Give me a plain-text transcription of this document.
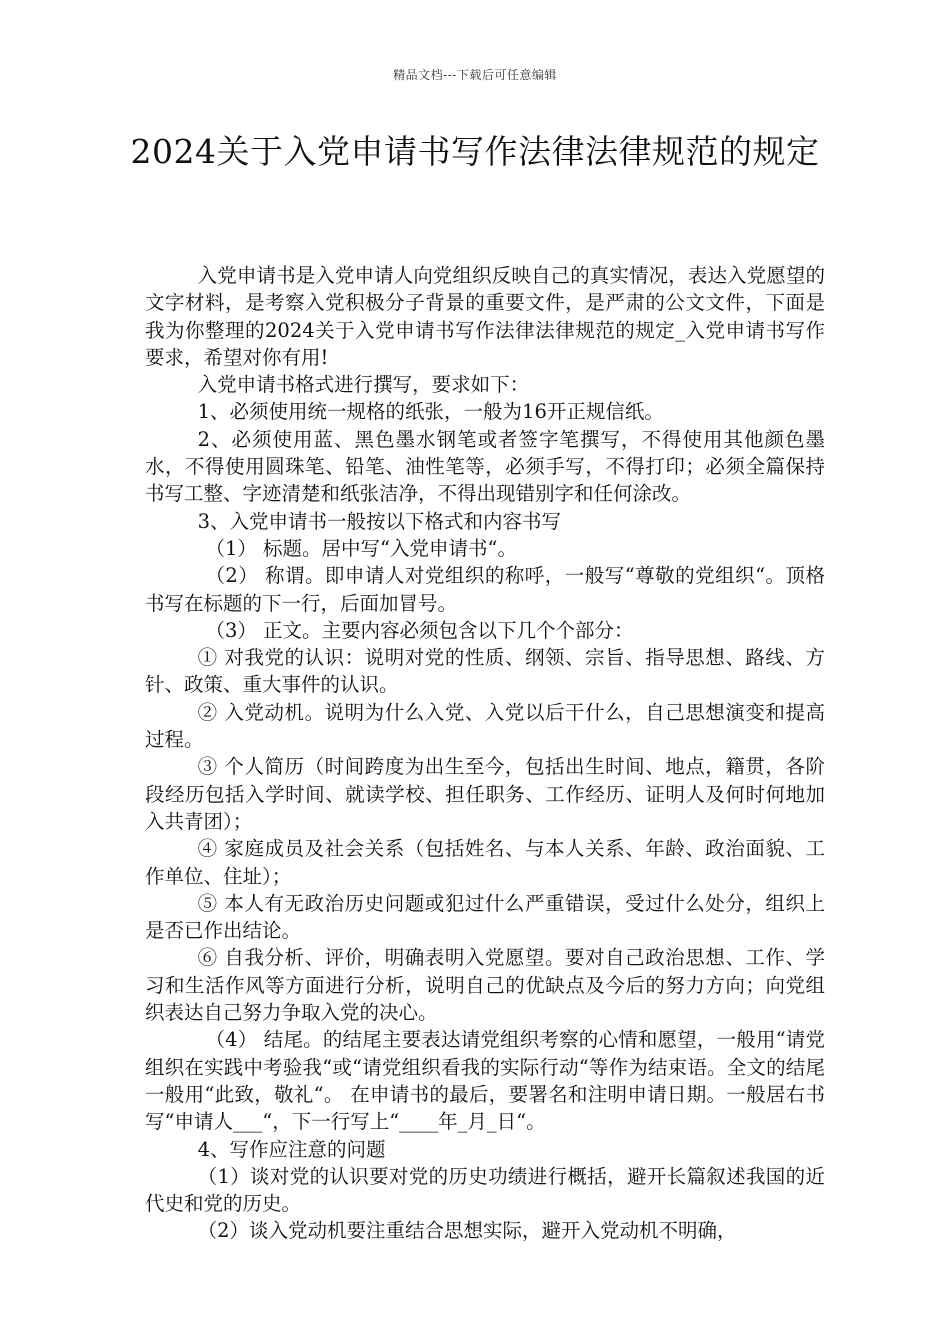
精品文档---下载后可任意编辑
2024关于入党申请书写作法律法律规范的规定

入党申请书是入党申请人向党组织反映自己的真实情况，表达入党愿望的文字材料，是考察入党积极分子背景的重要文件，是严肃的公文文件，下面是我为你整理的2024关于入党申请书写作法律法律规范的规定_入党申请书写作要求，希望对你有用!

入党申请书格式进行撰写，要求如下：

1、必须使用统一规格的纸张，一般为16开正规信纸。

2、必须使用蓝、黑色墨水钢笔或者签字笔撰写，不得使用其他颜色墨水，不得使用圆珠笔、铅笔、油性笔等，必须手写，不得打印；必须全篇保持书写工整、字迹清楚和纸张洁净，不得出现错别字和任何涂改。

3、入党申请书一般按以下格式和内容书写

（1） 标题。居中写“入党申请书“。

（2） 称谓。即申请人对党组织的称呼，一般写“尊敬的党组织“。顶格书写在标题的下一行，后面加冒号。

（3） 正文。主要内容必须包含以下几个个部分：

① 对我党的认识：说明对党的性质、纲领、宗旨、指导思想、路线、方针、政策、重大事件的认识。

② 入党动机。说明为什么入党、入党以后干什么，自己思想演变和提高过程。

③ 个人简历（时间跨度为出生至今，包括出生时间、地点，籍贯，各阶段经历包括入学时间、就读学校、担任职务、工作经历、证明人及何时何地加入共青团）；

④ 家庭成员及社会关系（包括姓名、与本人关系、年龄、政治面貌、工作单位、住址）；

⑤ 本人有无政治历史问题或犯过什么严重错误，受过什么处分，组织上是否已作出结论。

⑥ 自我分析、评价，明确表明入党愿望。要对自己政治思想、工作、学习和生活作风等方面进行分析，说明自己的优缺点及今后的努力方向；向党组织表达自己努力争取入党的决心。

（4） 结尾。的结尾主要表达请党组织考察的心情和愿望，一般用“请党组织在实践中考验我“或“请党组织看我的实际行动“等作为结束语。全文的结尾一般用“此致，敬礼“。 在申请书的最后，要署名和注明申请日期。一般居右书写“申请人___“，下一行写上“____年_月_日“。

4、写作应注意的问题

（1）谈对党的认识要对党的历史功绩进行概括，避开长篇叙述我国的近代史和党的历史。

（2）谈入党动机要注重结合思想实际，避开入党动机不明确，
